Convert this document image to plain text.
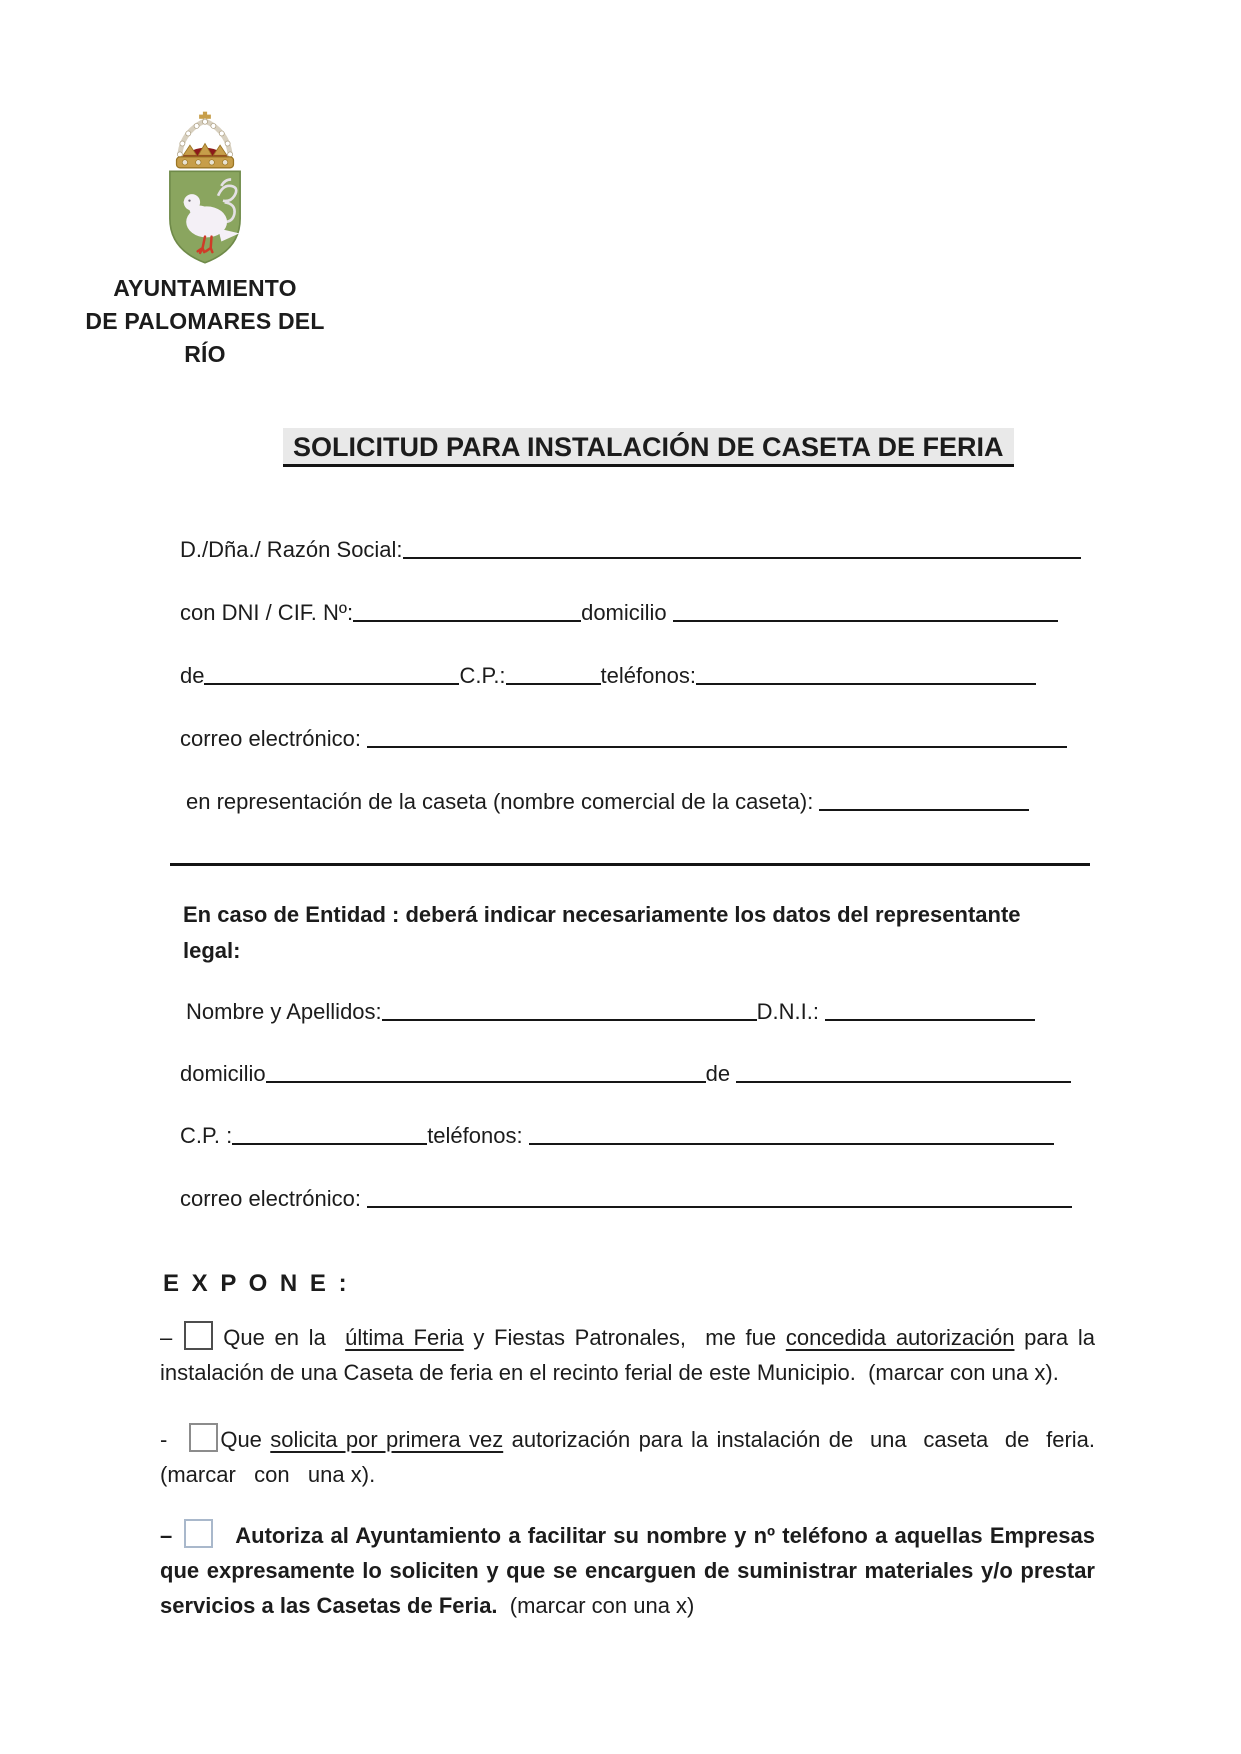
AYUNTAMIENTO
DE PALOMARES DEL RÍO
SOLICITUD PARA INSTALACIÓN DE CASETA DE FERIA
D./Dña./ Razón Social:
con DNI / CIF. Nº:	domicilio
de	C.P.:	teléfonos:
correo electrónico:
en representación de la caseta (nombre comercial de la caseta):
En caso de Entidad : deberá indicar necesariamente los datos del representante legal:
Nombre y Apellidos:	D.N.I.:
domicilio	de
C.P. :	teléfonos:
correo electrónico:
E X P O N E :

– Que en la  última Feria y Fiestas Patronales,  me fue concedida autorización para la instalación de una Caseta de feria en el recinto ferial de este Municipio.  (marcar con una x).

- Que solicita por primera vez autorización para la instalación de  una  caseta  de  feria. (marcar   con   una x).

–	Autoriza al Ayuntamiento a facilitar su nombre y nº teléfono a aquellas Empresas que expresamente lo soliciten y que se encarguen de suministrar materiales y/o prestar servicios a las Casetas de Feria.  (marcar con una x)
